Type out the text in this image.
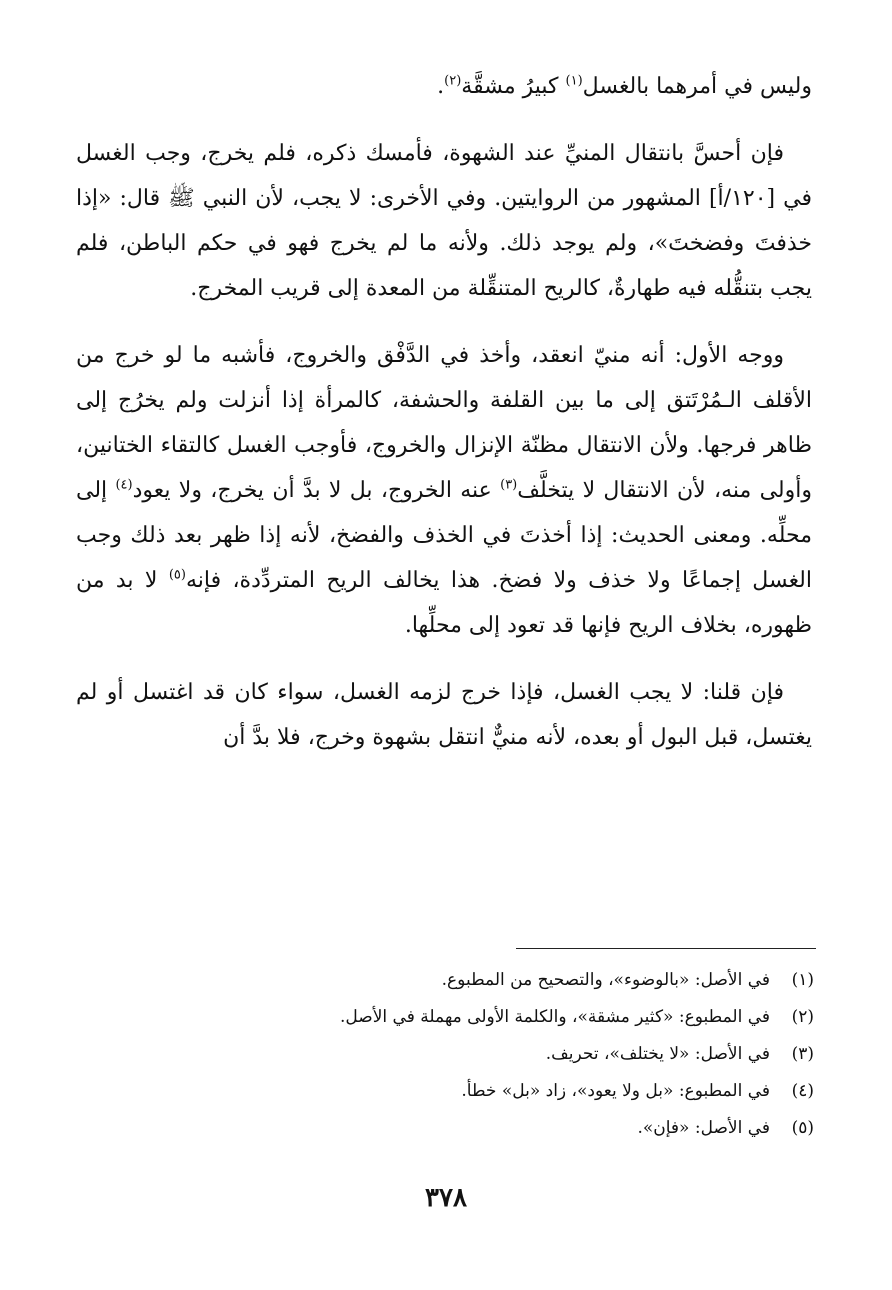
وليس في أمرهما بالغسل$^{(١)}$ كبيرُ مشقَّة$^{(٢)}$.

فإن أحسَّ بانتقال المنيِّ عند الشهوة، فأمسك ذكره، فلم يخرج، وجب الغسل في [١٢٠/أ] المشهور من الروايتين. وفي الأخرى: لا يجب، لأن النبي ﷺ قال: «إذا خذفتَ وفضختَ»، ولم يوجد ذلك. ولأنه ما لم يخرج فهو في حكم الباطن، فلم يجب بتنقُّله فيه طهارةٌ، كالريح المتنقِّلة من المعدة إلى قريب المخرج.

ووجه الأول: أنه منيّ انعقد، وأخذ في الدَّفْق والخروج، فأشبه ما لو خرج من الأقلف الـمُرْتَتق إلى ما بين القلفة والحشفة، كالمرأة إذا أنزلت ولم يخرُج إلى ظاهر فرجها. ولأن الانتقال مظنّة الإنزال والخروج، فأوجب الغسل كالتقاء الختانين، وأولى منه، لأن الانتقال لا يتخلَّف$^{(٣)}$ عنه الخروج، بل لا بدَّ أن يخرج، ولا يعود$^{(٤)}$ إلى محلِّه. ومعنى الحديث: إذا أخذتَ في الخذف والفضخ، لأنه إذا ظهر بعد ذلك وجب الغسل إجماعًا ولا خذف ولا فضخ. هذا يخالف الريح المتردِّدة، فإنه$^{(٥)}$ لا بد من ظهوره، بخلاف الريح فإنها قد تعود إلى محلِّها.

فإن قلنا: لا يجب الغسل، فإذا خرج لزمه الغسل، سواء كان قد اغتسل أو لم يغتسل، قبل البول أو بعده، لأنه منيٌّ انتقل بشهوة وخرج، فلا بدَّ أن

(١)
في الأصل: «بالوضوء»، والتصحيح من المطبوع.
(٢)
في المطبوع: «كثير مشقة»، والكلمة الأولى مهملة في الأصل.
(٣)
في الأصل: «لا يختلف»، تحريف.
(٤)
في المطبوع: «بل ولا يعود»، زاد «بل» خطأ.
(٥)
في الأصل: «فإن».
٣٧٨
